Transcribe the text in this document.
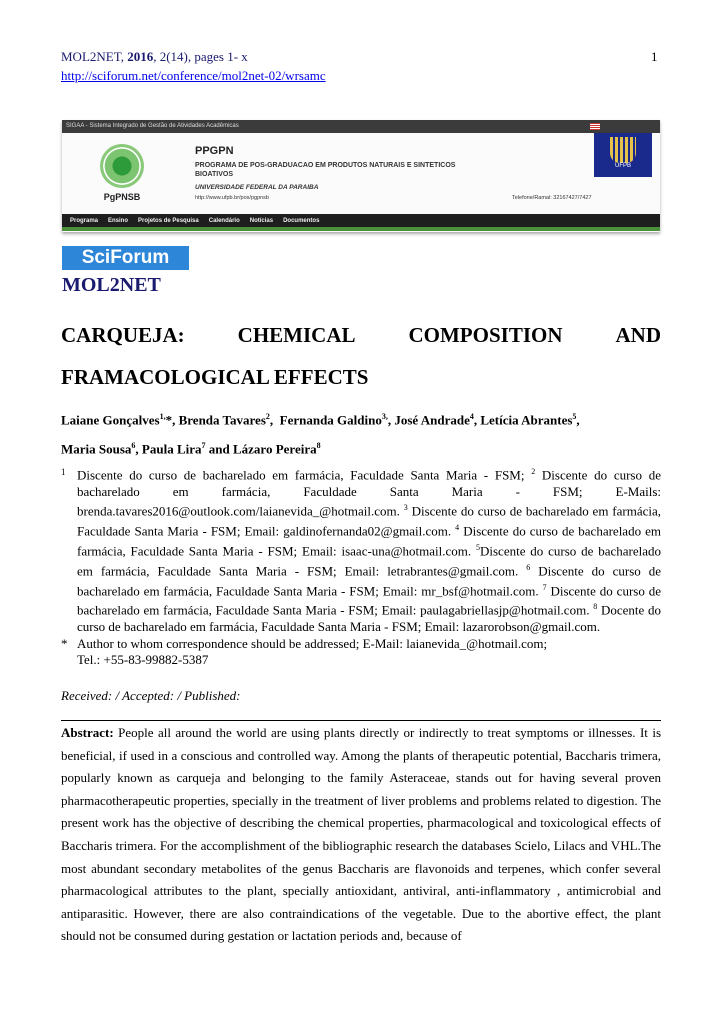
MOL2NET, 2016, 2(14), pages 1- x	1
http://sciforum.net/conference/mol2net-02/wrsamc
SIGAA - Sistema Integrado de Gestão de Atividades Acadêmicas
PgPNSB
PPGPN
PROGRAMA DE POS-GRADUACAO EM PRODUTOS NATURAIS E SINTETICOS BIOATIVOS
UNIVERSIDADE FEDERAL DA PARAIBA
http://www.ufpb.br/pos/pgpnsb	Telefone/Ramal: 32167427/7427
UFPB
Programa Ensino Projetos de Pesquisa Calendário Notícias Documentos
SciForum
MOL2NET
CARQUEJA:	CHEMICAL	COMPOSITION	AND
FRAMACOLOGICAL EFFECTS
Laiane Gonçalves$^{1,}$*, Brenda Tavares$^2$,  Fernanda Galdino$^{3,}$, José Andrade$^4$, Letícia Abrantes$^5$,
Maria Sousa$^6$, Paula Lira$^7$ and Lázaro Pereira$^8$
1 Discente do curso de bacharelado em farmácia, Faculdade Santa Maria - FSM; $^2$ Discente do curso de bacharelado em farmácia, Faculdade Santa Maria - FSM; E-Mails: brenda.tavares2016@outlook.com/laianevida_@hotmail.com. $^3$ Discente do curso de bacharelado em farmácia, Faculdade Santa Maria - FSM; Email: galdinofernanda02@gmail.com. $^4$ Discente do curso de bacharelado em farmácia, Faculdade Santa Maria - FSM; Email: isaac-una@hotmail.com. $^5$Discente do curso de bacharelado em farmácia, Faculdade Santa Maria - FSM; Email: letrabrantes@gmail.com. $^6$ Discente do curso de bacharelado em farmácia, Faculdade Santa Maria - FSM; Email: mr_bsf@hotmail.com. $^7$ Discente do curso de bacharelado em farmácia, Faculdade Santa Maria - FSM; Email: paulagabriellasjp@hotmail.com. $^8$ Docente do curso de bacharelado em farmácia, Faculdade Santa Maria - FSM; Email: lazarorobson@gmail.com.
* Author to whom correspondence should be addressed; E-Mail: laianevida_@hotmail.com;
Tel.: +55-83-99882-5387
Received: / Accepted: / Published:
Abstract: People all around the world are using plants directly or indirectly to treat symptoms or illnesses. It is beneficial, if used in a conscious and controlled way. Among the plants of therapeutic potential, Baccharis trimera, popularly known as carqueja and belonging to the family Asteraceae, stands out for having several proven pharmacotherapeutic properties, specially in the treatment of liver problems and problems related to digestion. The present work has the objective of describing the chemical properties, pharmacological and toxicological effects of Baccharis trimera. For the accomplishment of the bibliographic research the databases Scielo, Lilacs and VHL.The most abundant secondary metabolites of the genus Baccharis are flavonoids and terpenes, which confer several pharmacological attributes to the plant, specially antioxidant, antiviral, anti-inflammatory , antimicrobial and antiparasitic. However, there are also contraindications of the vegetable. Due to the abortive effect, the plant should not be consumed during gestation or lactation periods and, because of
